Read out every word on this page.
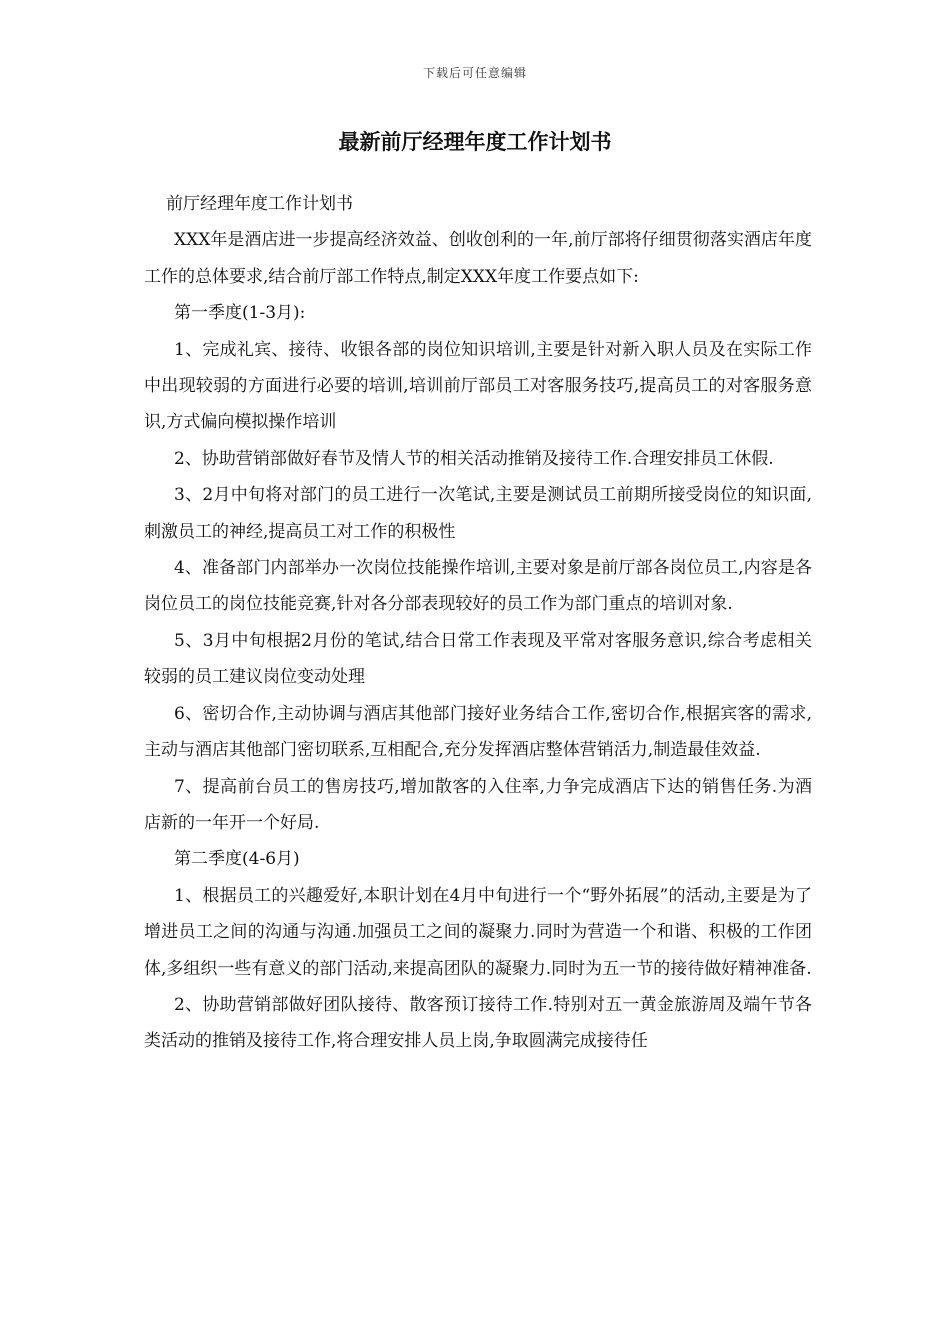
下载后可任意编辑
最新前厅经理年度工作计划书

前厅经理年度工作计划书

XXX年是酒店进一步提高经济效益、创收创利的一年,前厅部将仔细贯彻落实酒店年度工作的总体要求,结合前厅部工作特点,制定XXX年度工作要点如下:

第一季度(1-3月):

1、完成礼宾、接待、收银各部的岗位知识培训,主要是针对新入职人员及在实际工作中出现较弱的方面进行必要的培训,培训前厅部员工对客服务技巧,提高员工的对客服务意识,方式偏向模拟操作培训

2、协助营销部做好春节及情人节的相关活动推销及接待工作.合理安排员工休假.

3、2月中旬将对部门的员工进行一次笔试,主要是测试员工前期所接受岗位的知识面,刺激员工的神经,提高员工对工作的积极性

4、准备部门内部举办一次岗位技能操作培训,主要对象是前厅部各岗位员工,内容是各岗位员工的岗位技能竞赛,针对各分部表现较好的员工作为部门重点的培训对象.

5、3月中旬根据2月份的笔试,结合日常工作表现及平常对客服务意识,综合考虑相关较弱的员工建议岗位变动处理

6、密切合作,主动协调与酒店其他部门接好业务结合工作,密切合作,根据宾客的需求,主动与酒店其他部门密切联系,互相配合,充分发挥酒店整体营销活力,制造最佳效益.

7、提高前台员工的售房技巧,增加散客的入住率,力争完成酒店下达的销售任务.为酒店新的一年开一个好局.

第二季度(4-6月)

1、根据员工的兴趣爱好,本职计划在4月中旬进行一个“野外拓展”的活动,主要是为了增进员工之间的沟通与沟通.加强员工之间的凝聚力.同时为营造一个和谐、积极的工作团体,多组织一些有意义的部门活动,来提高团队的凝聚力.同时为五一节的接待做好精神准备.

2、协助营销部做好团队接待、散客预订接待工作.特别对五一黄金旅游周及端午节各类活动的推销及接待工作,将合理安排人员上岗,争取圆满完成接待任
